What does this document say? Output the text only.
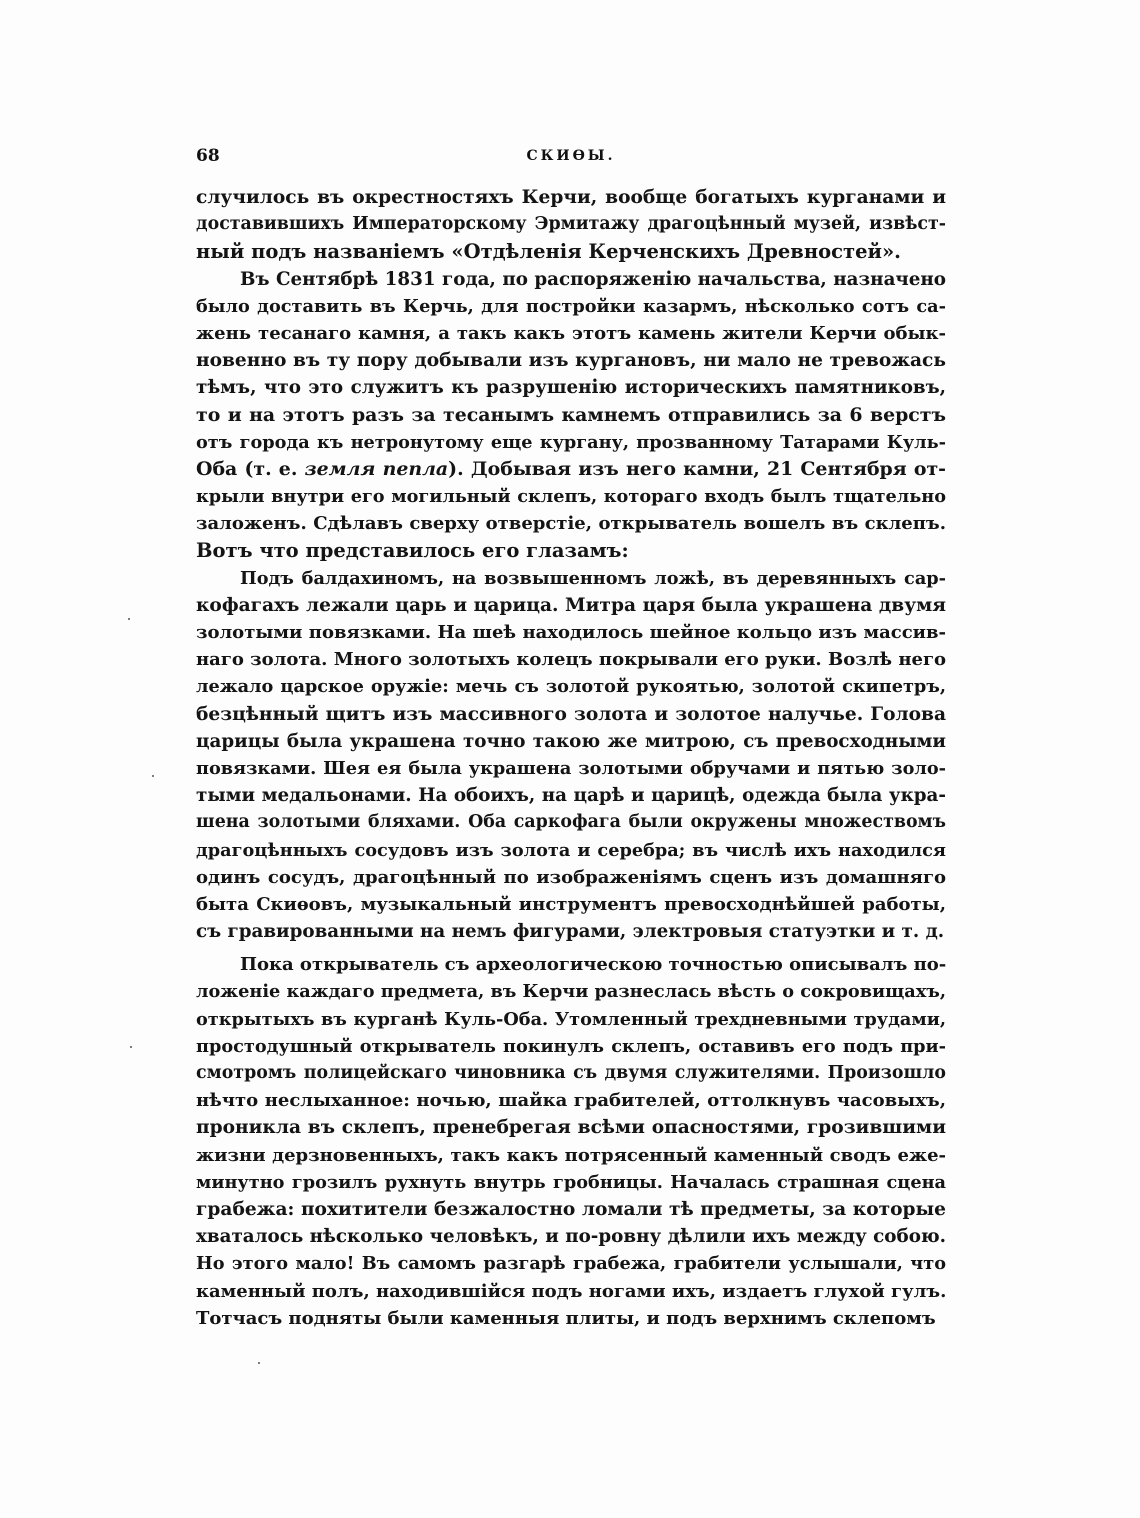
68	СКИѲЫ.
случилось въ окрестностяхъ Керчи, вообще богатыхъ курганами и
доставившихъ Императорскому Эрмитажу драгоцѣнный музей, извѣст-
ный подъ названіемъ «Отдѣленія Керченскихъ Древностей».
Въ Сентябрѣ 1831 года, по распоряженію начальства, назначено
было доставить въ Керчь, для постройки казармъ, нѣсколько сотъ са-
жень тесанаго камня, а такъ какъ этотъ камень жители Керчи обык-
новенно въ ту пору добывали изъ кургановъ, ни мало не тревожась
тѣмъ, что это служитъ къ разрушенію историческихъ памятниковъ,
то и на этотъ разъ за тесанымъ камнемъ отправились за 6 верстъ
отъ города къ нетронутому еще кургану, прозванному Татарами Куль-
Оба (т. е. земля пепла). Добывая изъ него камни, 21 Сентября от-
крыли внутри его могильный склепъ, котораго входъ былъ тщательно
заложенъ. Сдѣлавъ сверху отверстіе, открыватель вошелъ въ склепъ.
Вотъ что представилось его глазамъ:
Подъ балдахиномъ, на возвышенномъ ложѣ, въ деревянныхъ сар-
кофагахъ лежали царь и царица. Митра царя была украшена двумя
золотыми повязками. На шеѣ находилось шейное кольцо изъ массив-
наго золота. Много золотыхъ колецъ покрывали его руки. Возлѣ него
лежало царское оружіе: мечь съ золотой рукоятью, золотой скипетръ,
безцѣнный щитъ изъ массивного золота и золотое налучье. Голова
царицы была украшена точно такою же митрою, съ превосходными
повязками. Шея ея была украшена золотыми обручами и пятью золо-
тыми медальонами. На обоихъ, на царѣ и царицѣ, одежда была укра-
шена золотыми бляхами. Оба саркофага были окружены множествомъ
драгоцѣнныхъ сосудовъ изъ золота и серебра; въ числѣ ихъ находился
одинъ сосудъ, драгоцѣнный по изображеніямъ сценъ изъ домашняго
быта Скиѳовъ, музыкальный инструментъ превосходнѣйшей работы,
съ гравированными на немъ фигурами, электровыя статуэтки и т. д.
Пока открыватель съ археологическою точностью описывалъ по-
ложеніе каждаго предмета, въ Керчи разнеслась вѣсть о сокровищахъ,
открытыхъ въ курганѣ Куль-Оба. Утомленный трехдневными трудами,
простодушный открыватель покинулъ склепъ, оставивъ его подъ при-
смотромъ полицейскаго чиновника съ двумя служителями. Произошло
нѣчто неслыханное: ночью, шайка грабителей, оттолкнувъ часовыхъ,
проникла въ склепъ, пренебрегая всѣми опасностями, грозившими
жизни дерзновенныхъ, такъ какъ потрясенный каменный сводъ еже-
минутно грозилъ рухнуть внутрь гробницы. Началась страшная сцена
грабежа: похитители безжалостно ломали тѣ предметы, за которые
хваталось нѣсколько человѣкъ, и по-ровну дѣлили ихъ между собою.
Но этого мало! Въ самомъ разгарѣ грабежа, грабители услышали, что
каменный полъ, находившійся подъ ногами ихъ, издаетъ глухой гулъ.
Тотчасъ подняты были каменныя плиты, и подъ верхнимъ склепомъ
